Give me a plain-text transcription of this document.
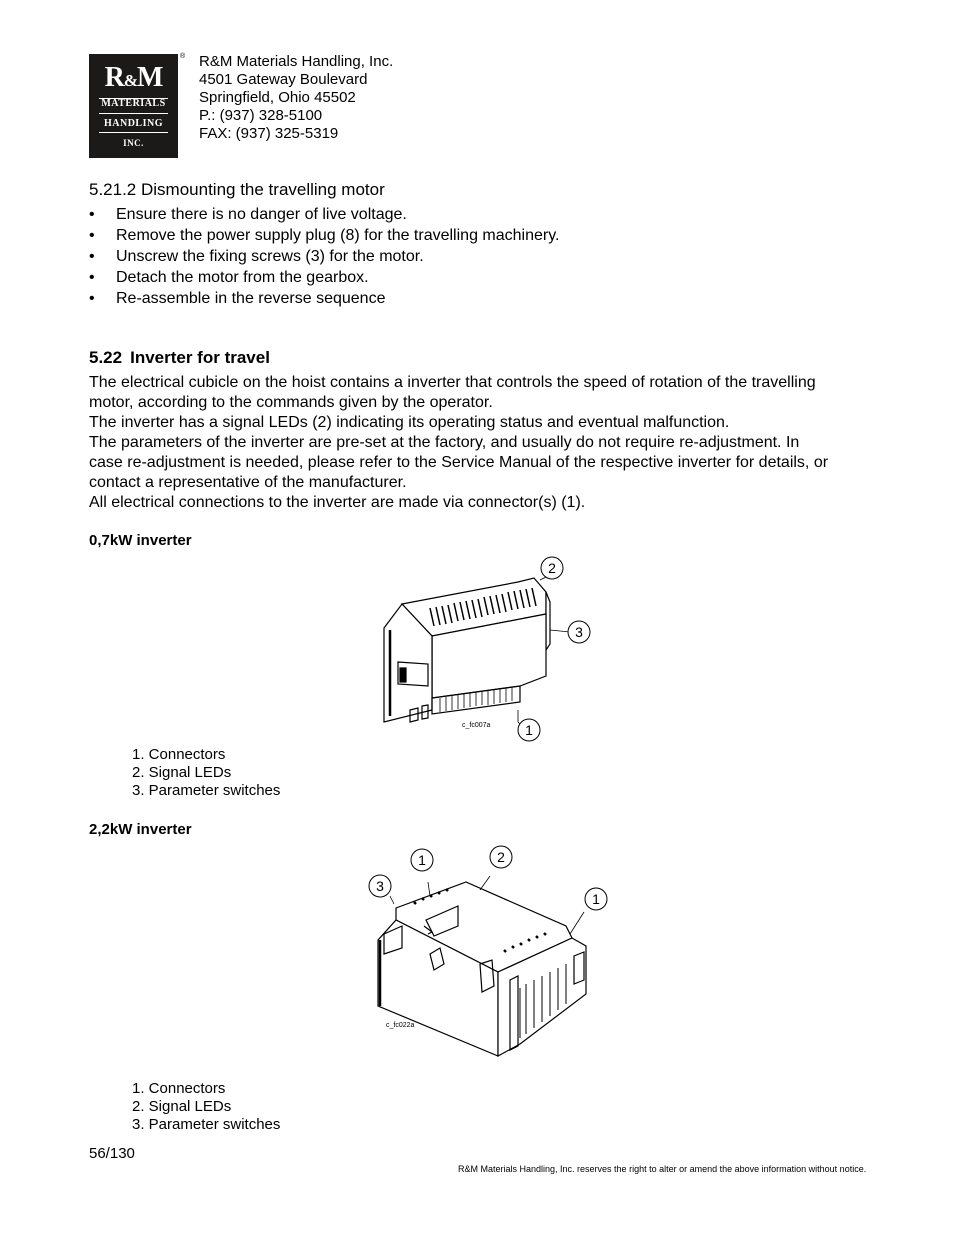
R&M
MATERIALS
HANDLING
INC.
® R&M Materials Handling, Inc.
4501 Gateway Boulevard
Springfield, Ohio 45502
P.: (937) 328-5100
FAX: (937) 325-5319
5.21.2 Dismounting the travelling motor
• Ensure there is no danger of live voltage.
• Remove the power supply plug (8) for the travelling machinery.
• Unscrew the fixing screws (3) for the motor.
• Detach the motor from the gearbox.
• Re-assemble in the reverse sequence
5.22 Inverter for travel
The electrical cubicle on the hoist contains a inverter that controls the speed of rotation of the travelling
motor, according to the commands given by the operator.
The inverter has a signal LEDs (2) indicating its operating status and eventual malfunction.
The parameters of the inverter are pre-set at the factory, and usually do not require re-adjustment. In
case re-adjustment is needed, please refer to the Service Manual of the respective inverter for details, or
contact a representative of the manufacturer.
All electrical connections to the inverter are made via connector(s) (1).
0,7kW inverter
2
3
1
c_fc007a
1. Connectors
2. Signal LEDs
3. Parameter switches
2,2kW inverter
1	2
3
1
c_fc022a
1. Connectors
2. Signal LEDs
3. Parameter switches
56/130
R&M Materials Handling, Inc. reserves the right to alter or amend the above information without notice.
